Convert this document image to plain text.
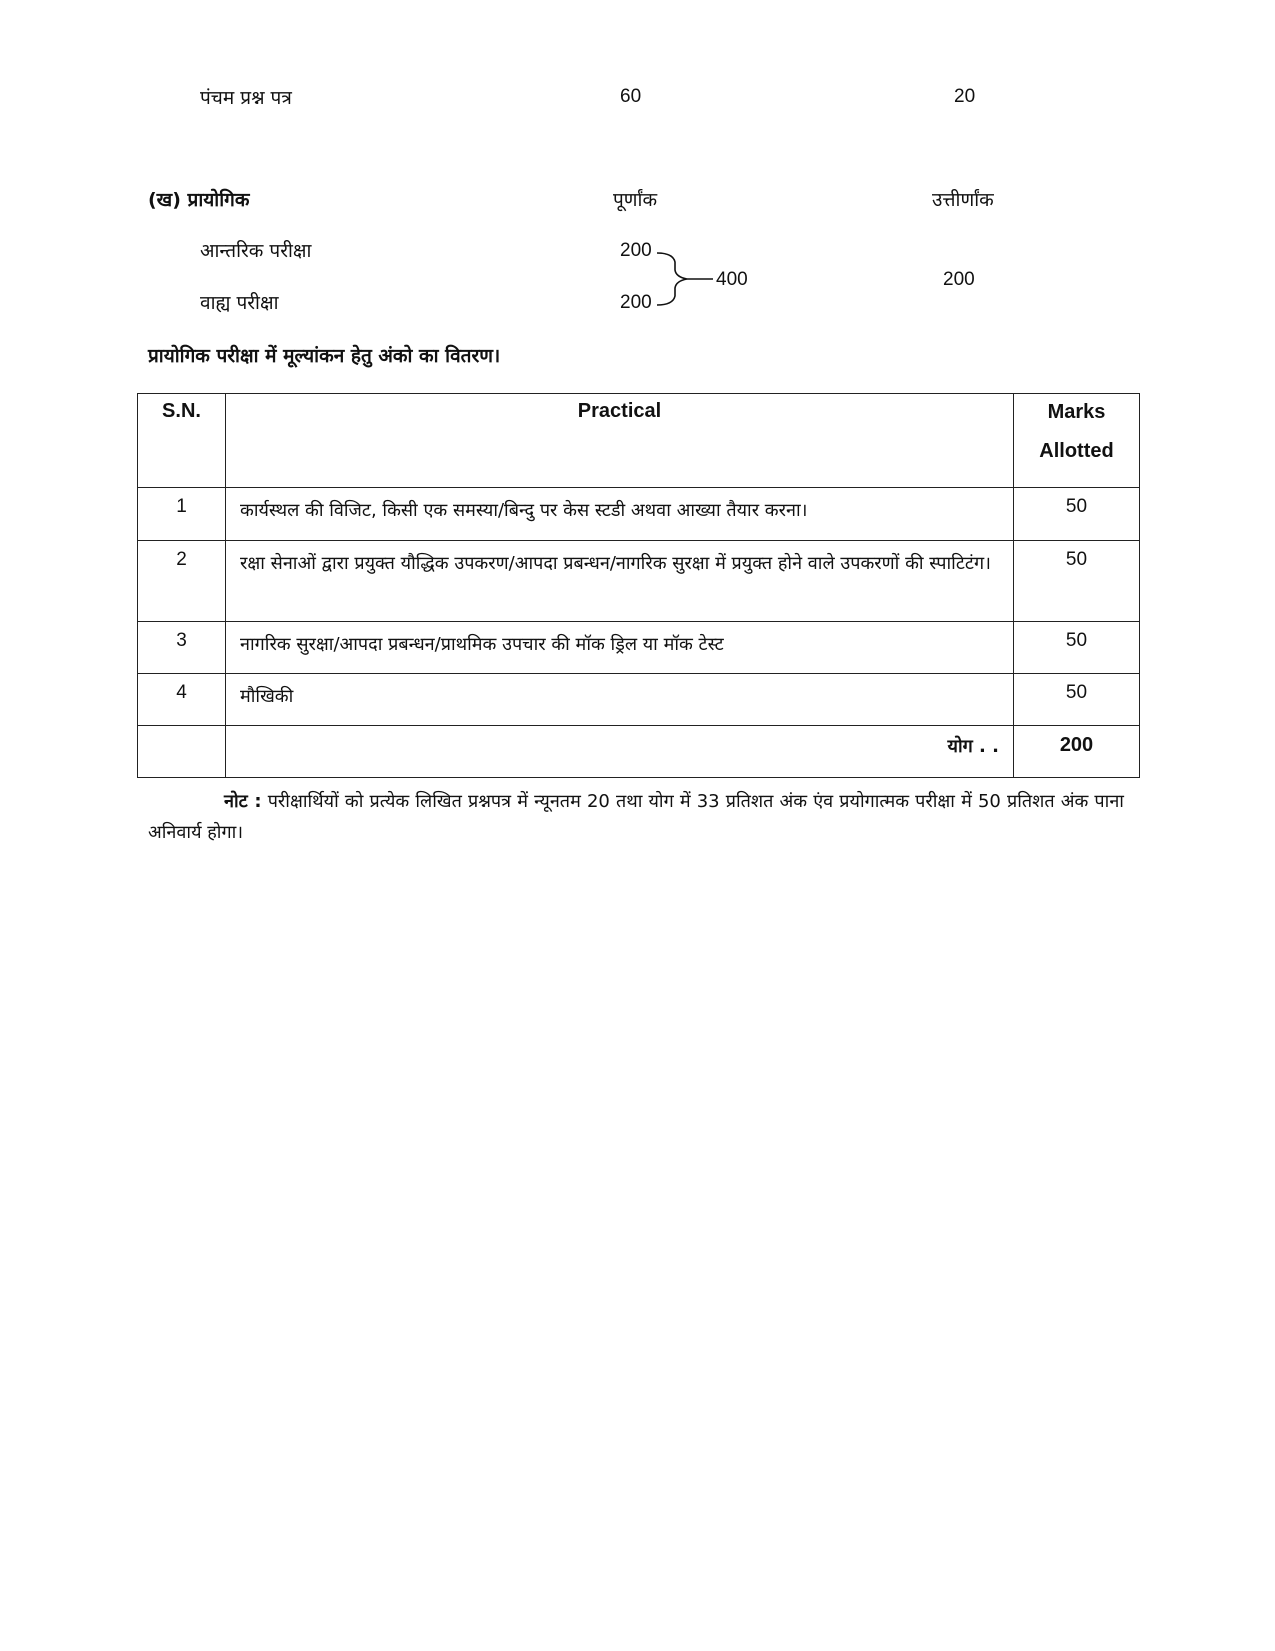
पंचम प्रश्न पत्र	60	20
(ख) प्रायोगिक	पूर्णांक	उत्तीर्णांक
आन्तरिक परीक्षा	200
वाह्य परीक्षा	200
400	200
प्रायोगिक परीक्षा में मूल्यांकन हेतु अंको का वितरण।
S.N.	Practical	Marks
Allotted

1	कार्यस्थल की विजिट, किसी एक समस्या/बिन्दु पर केस स्टडी अथवा आख्या तैयार करना।	50
2	रक्षा सेनाओं द्वारा प्रयुक्त यौद्धिक उपकरण/आपदा प्रबन्धन/नागरिक सुरक्षा में प्रयुक्त होने वाले उपकरणों की स्पाटिटंग।	50
3	नागरिक सुरक्षा/आपदा प्रबन्धन/प्राथमिक उपचार की मॉक ड्रिल या मॉक टेस्ट	50
4	मौखिकी	50
	योग . .	200
नोट : परीक्षार्थियों को प्रत्येक लिखित प्रश्नपत्र में न्यूनतम 20 तथा योग में 33 प्रतिशत अंक एंव प्रयोगात्मक परीक्षा में 50 प्रतिशत अंक पाना अनिवार्य होगा।
